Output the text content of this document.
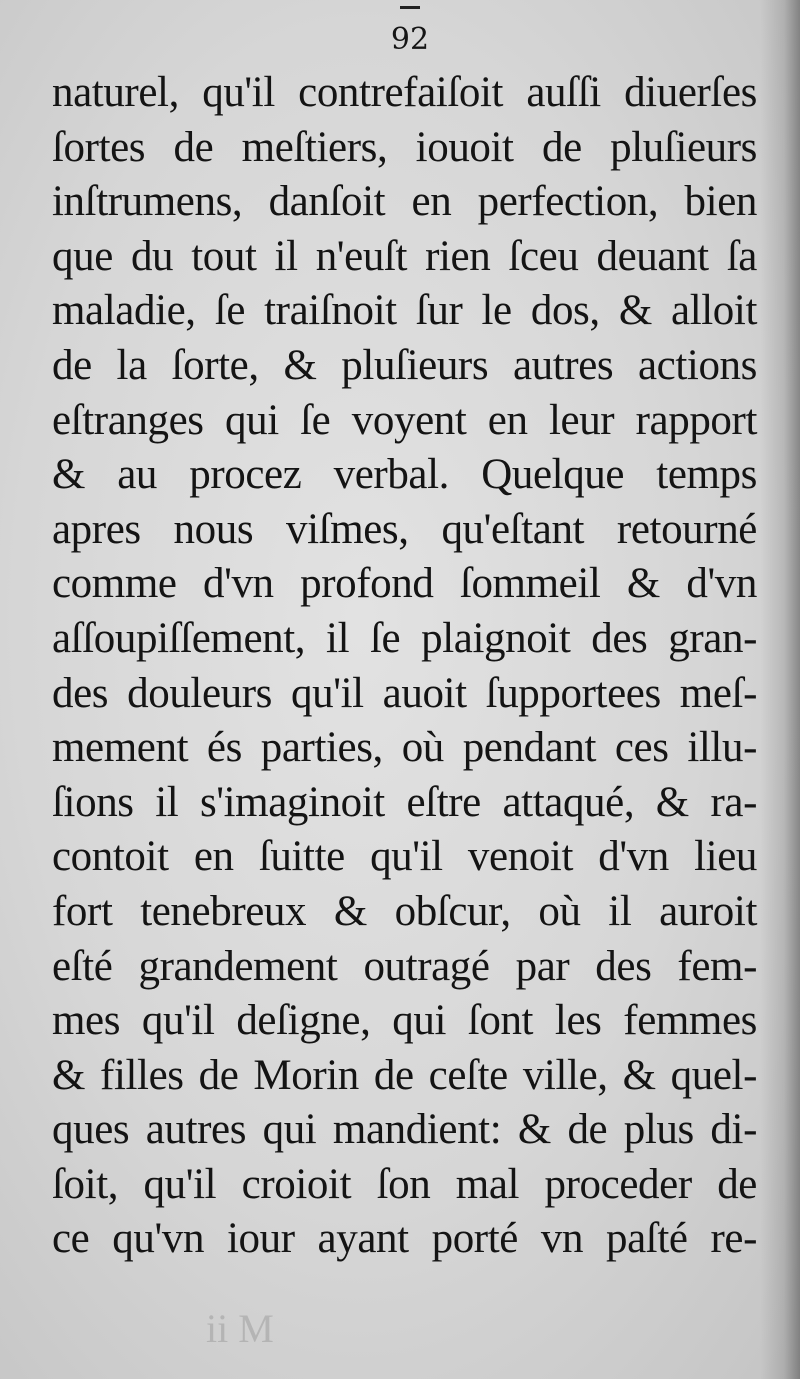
92
naturel, qu'il contrefaiſoit auſſi diuerſes
ſortes de meſtiers, iouoit de pluſieurs
inſtrumens, danſoit en perfection, bien
que du tout il n'euſt rien ſceu deuant ſa
maladie, ſe traiſnoit ſur le dos, & alloit
de la ſorte, & pluſieurs autres actions
eſtranges qui ſe voyent en leur rapport
& au procez verbal. Quelque temps
apres nous viſmes, qu'eſtant retourné
comme d'vn profond ſommeil & d'vn
aſſoupiſſement, il ſe plaignoit des gran-
des douleurs qu'il auoit ſupportees meſ-
mement és parties, où pendant ces illu-
ſions il s'imaginoit eſtre attaqué, & ra-
contoit en ſuitte qu'il venoit d'vn lieu
fort tenebreux & obſcur, où il auroit
eſté grandement outragé par des fem-
mes qu'il deſigne, qui ſont les femmes
& filles de Morin de ceſte ville, & quel-
ques autres qui mandient: & de plus di-
ſoit, qu'il croioit ſon mal proceder de
ce qu'vn iour ayant porté vn paſté re-
ii M
